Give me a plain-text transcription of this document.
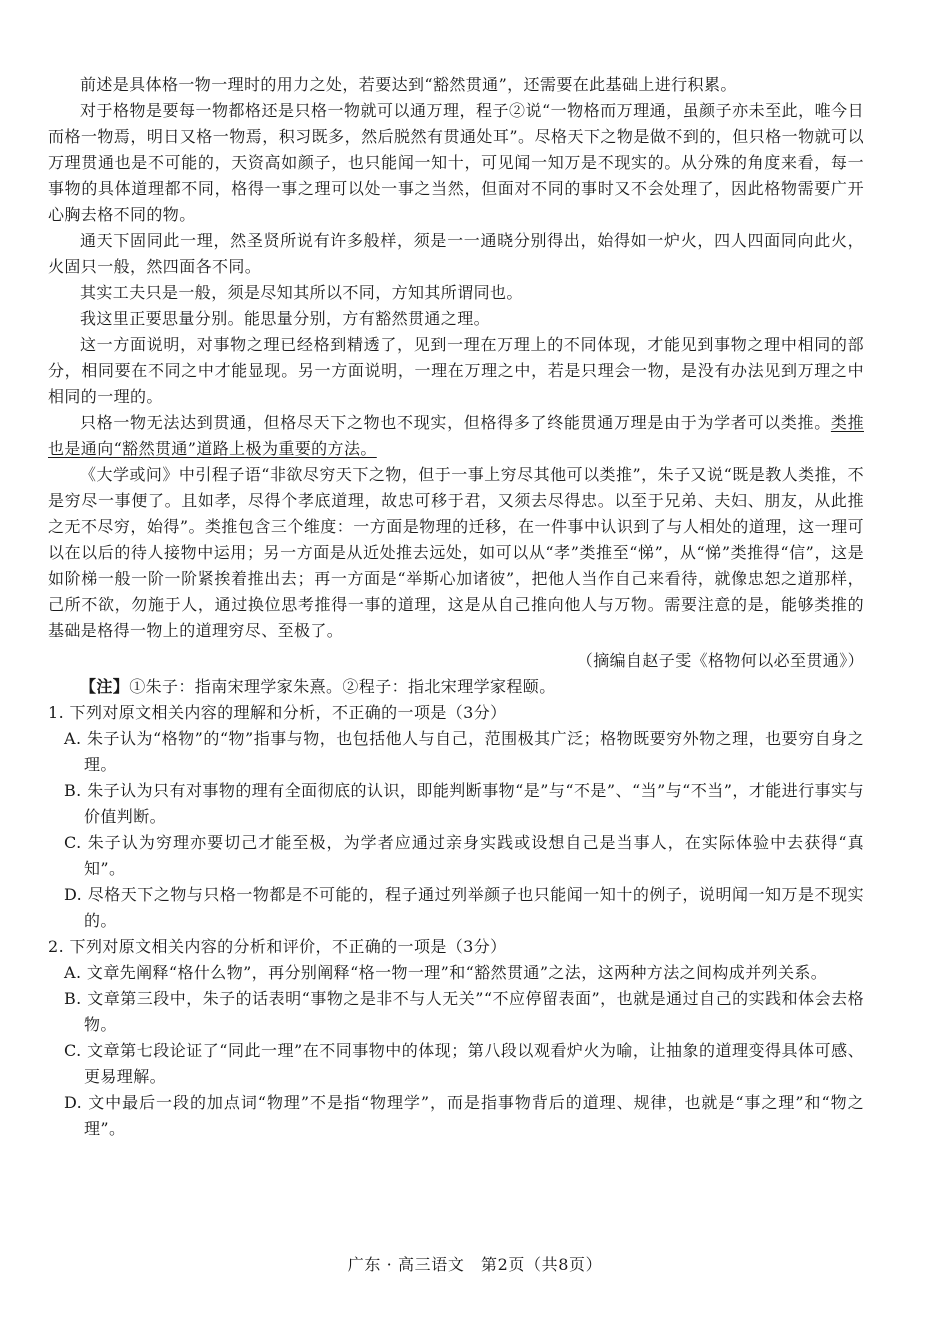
前述是具体格一物一理时的用力之处，若要达到“豁然贯通”，还需要在此基础上进行积累。

对于格物是要每一物都格还是只格一物就可以通万理，程子②说“一物格而万理通，虽颜子亦未至此，唯今日而格一物焉，明日又格一物焉，积习既多，然后脱然有贯通处耳”。尽格天下之物是做不到的，但只格一物就可以万理贯通也是不可能的，天资高如颜子，也只能闻一知十，可见闻一知万是不现实的。从分殊的角度来看，每一事物的具体道理都不同，格得一事之理可以处一事之当然，但面对不同的事时又不会处理了，因此格物需要广开心胸去格不同的物。

通天下固同此一理，然圣贤所说有许多般样，须是一一通晓分别得出，始得如一炉火，四人四面同向此火，火固只一般，然四面各不同。

其实工夫只是一般，须是尽知其所以不同，方知其所谓同也。

我这里正要思量分别。能思量分别，方有豁然贯通之理。

这一方面说明，对事物之理已经格到精透了，见到一理在万理上的不同体现，才能见到事物之理中相同的部分，相同要在不同之中才能显现。另一方面说明，一理在万理之中，若是只理会一物，是没有办法见到万理之中相同的一理的。

只格一物无法达到贯通，但格尽天下之物也不现实，但格得多了终能贯通万理是由于为学者可以类推。类推也是通向“豁然贯通”道路上极为重要的方法。

《大学或问》中引程子语“非欲尽穷天下之物，但于一事上穷尽其他可以类推”，朱子又说“既是教人类推，不是穷尽一事便了。且如孝，尽得个孝底道理，故忠可移于君，又须去尽得忠。以至于兄弟、夫妇、朋友，从此推之无不尽穷，始得”。类推包含三个维度：一方面是物理的迁移，在一件事中认识到了与人相处的道理，这一理可以在以后的待人接物中运用；另一方面是从近处推去远处，如可以从“孝”类推至“悌”，从“悌”类推得“信”，这是如阶梯一般一阶一阶紧挨着推出去；再一方面是“举斯心加诸彼”，把他人当作自己来看待，就像忠恕之道那样，己所不欲，勿施于人，通过换位思考推得一事的道理，这是从自己推向他人与万物。需要注意的是，能够类推的基础是格得一物上的道理穷尽、至极了。

（摘编自赵子雯《格物何以必至贯通》）

【注】①朱子：指南宋理学家朱熹。②程子：指北宋理学家程颐。

1. 下列对原文相关内容的理解和分析，不正确的一项是（3分）

A. 朱子认为“格物”的“物”指事与物，也包括他人与自己，范围极其广泛；格物既要穷外物之理，也要穷自身之理。

B. 朱子认为只有对事物的理有全面彻底的认识，即能判断事物“是”与“不是”、“当”与“不当”，才能进行事实与价值判断。

C. 朱子认为穷理亦要切己才能至极，为学者应通过亲身实践或设想自己是当事人，在实际体验中去获得“真知”。

D. 尽格天下之物与只格一物都是不可能的，程子通过列举颜子也只能闻一知十的例子，说明闻一知万是不现实的。

2. 下列对原文相关内容的分析和评价，不正确的一项是（3分）

A. 文章先阐释“格什么物”，再分别阐释“格一物一理”和“豁然贯通”之法，这两种方法之间构成并列关系。

B. 文章第三段中，朱子的话表明“事物之是非不与人无关”“不应停留表面”，也就是通过自己的实践和体会去格物。

C. 文章第七段论证了“同此一理”在不同事物中的体现；第八段以观看炉火为喻，让抽象的道理变得具体可感、更易理解。

D. 文中最后一段的加点词“物理”不是指“物理学”，而是指事物背后的道理、规律，也就是“事之理”和“物之理”。

广东 · 高三语文　第2页（共8页）
